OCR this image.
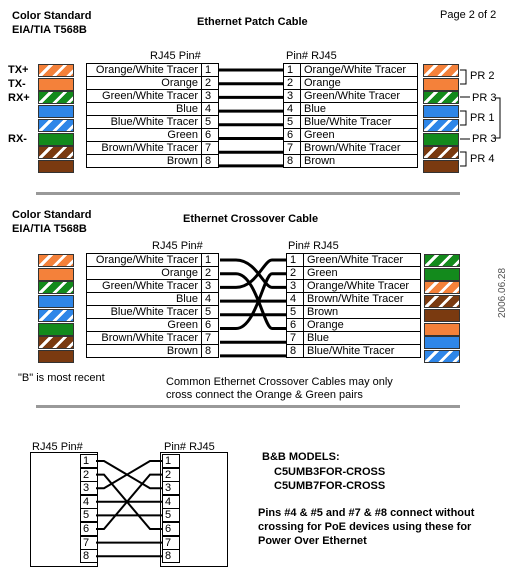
Color Standard
EIA/TIA T568B
Ethernet Patch Cable
Page 2 of 2
RJ45 Pin#	Pin# RJ45
Orange/White Tracer	1
Orange	2
Green/White Tracer	3
Blue	4
Blue/White Tracer	5
Green	6
Brown/White Tracer	7
Brown	8
1	Orange/White Tracer
2	Orange
3	Green/White Tracer
4	Blue
5	Blue/White Tracer
6	Green
7	Brown/White Tracer
8	Brown
TX+
TX-
RX+
RX-
PR 2
PR 3
PR 1
PR 3
PR 4
Color Standard
EIA/TIA T568B
Ethernet Crossover Cable
RJ45 Pin#	Pin# RJ45
Orange/White Tracer	1
Orange	2
Green/White Tracer	3
Blue	4
Blue/White Tracer	5
Green	6
Brown/White Tracer	7
Brown	8
1	Green/White Tracer
2	Green
3	Orange/White Tracer
4	Brown/White Tracer
5	Brown
6	Orange
7	Blue
8	Blue/White Tracer
"B" is most recent	Common Ethernet Crossover Cables may only
cross connect the Orange & Green pairs
2006.06.28
RJ45 Pin#	Pin# RJ45
1
2
3
4
5
6
7
8
1
2
3
4
5
6
7
8
B&B MODELS:
C5UMB3FOR-CROSS
C5UMB7FOR-CROSS
Pins #4 & #5 and #7 & #8 connect without
crossing for PoE devices using these for
Power Over Ethernet
